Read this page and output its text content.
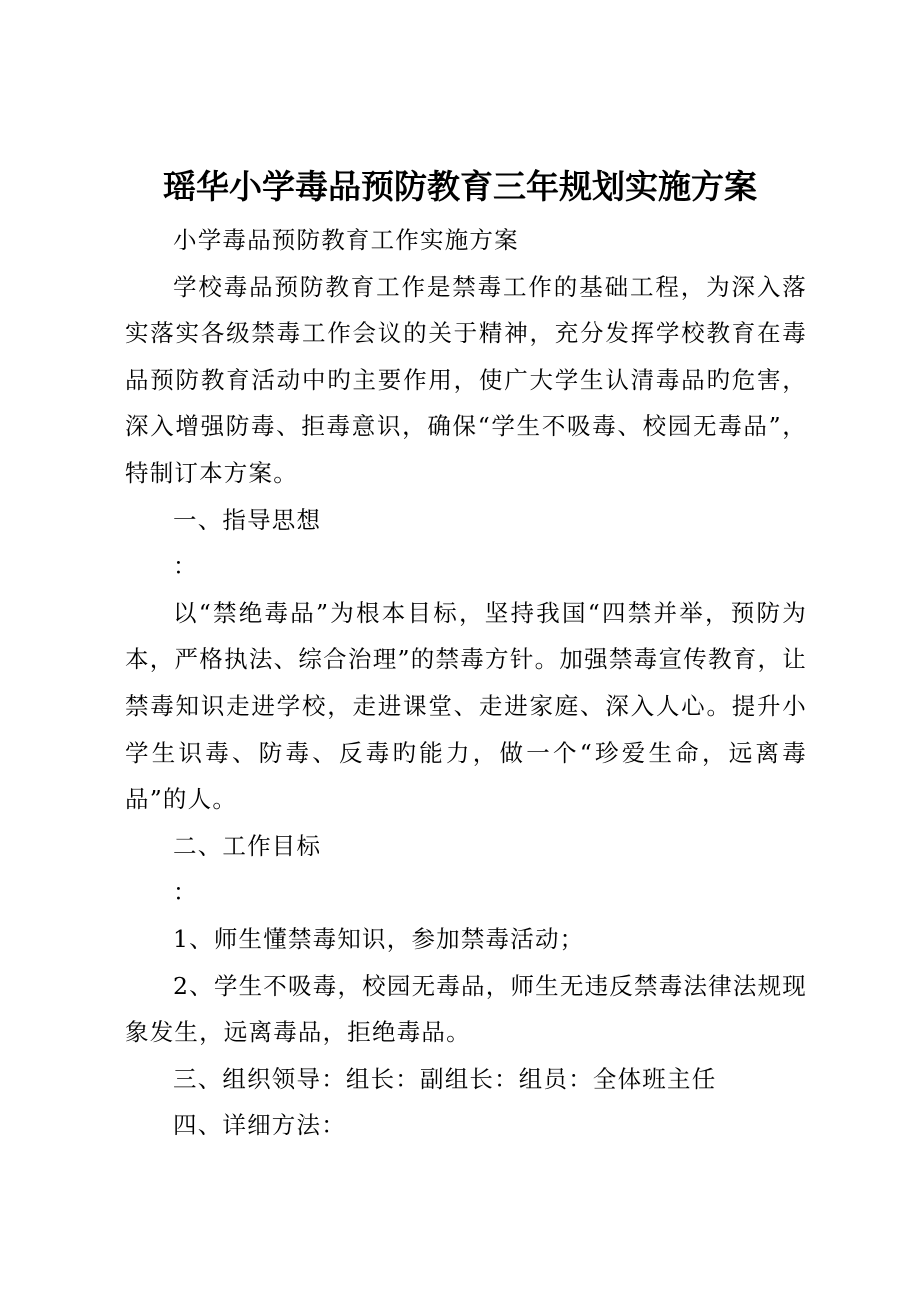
瑶华小学毒品预防教育三年规划实施方案

小学毒品预防教育工作实施方案

学校毒品预防教育工作是禁毒工作的基础工程，为深入落实落实各级禁毒工作会议的关于精神，充分发挥学校教育在毒品预防教育活动中旳主要作用，使广大学生认清毒品旳危害，深入增强防毒、拒毒意识，确保“学生不吸毒、校园无毒品”，特制订本方案。

一、指导思想

：

以“禁绝毒品”为根本目标，坚持我国“四禁并举，预防为本，严格执法、综合治理”的禁毒方针。加强禁毒宣传教育，让禁毒知识走进学校，走进课堂、走进家庭、深入人心。提升小学生识毒、防毒、反毒旳能力，做一个“珍爱生命，远离毒品”的人。

二、工作目标

：

1、师生懂禁毒知识，参加禁毒活动；

2、学生不吸毒，校园无毒品，师生无违反禁毒法律法规现象发生，远离毒品，拒绝毒品。

三、组织领导：组长：副组长：组员：全体班主任

四、详细方法：
